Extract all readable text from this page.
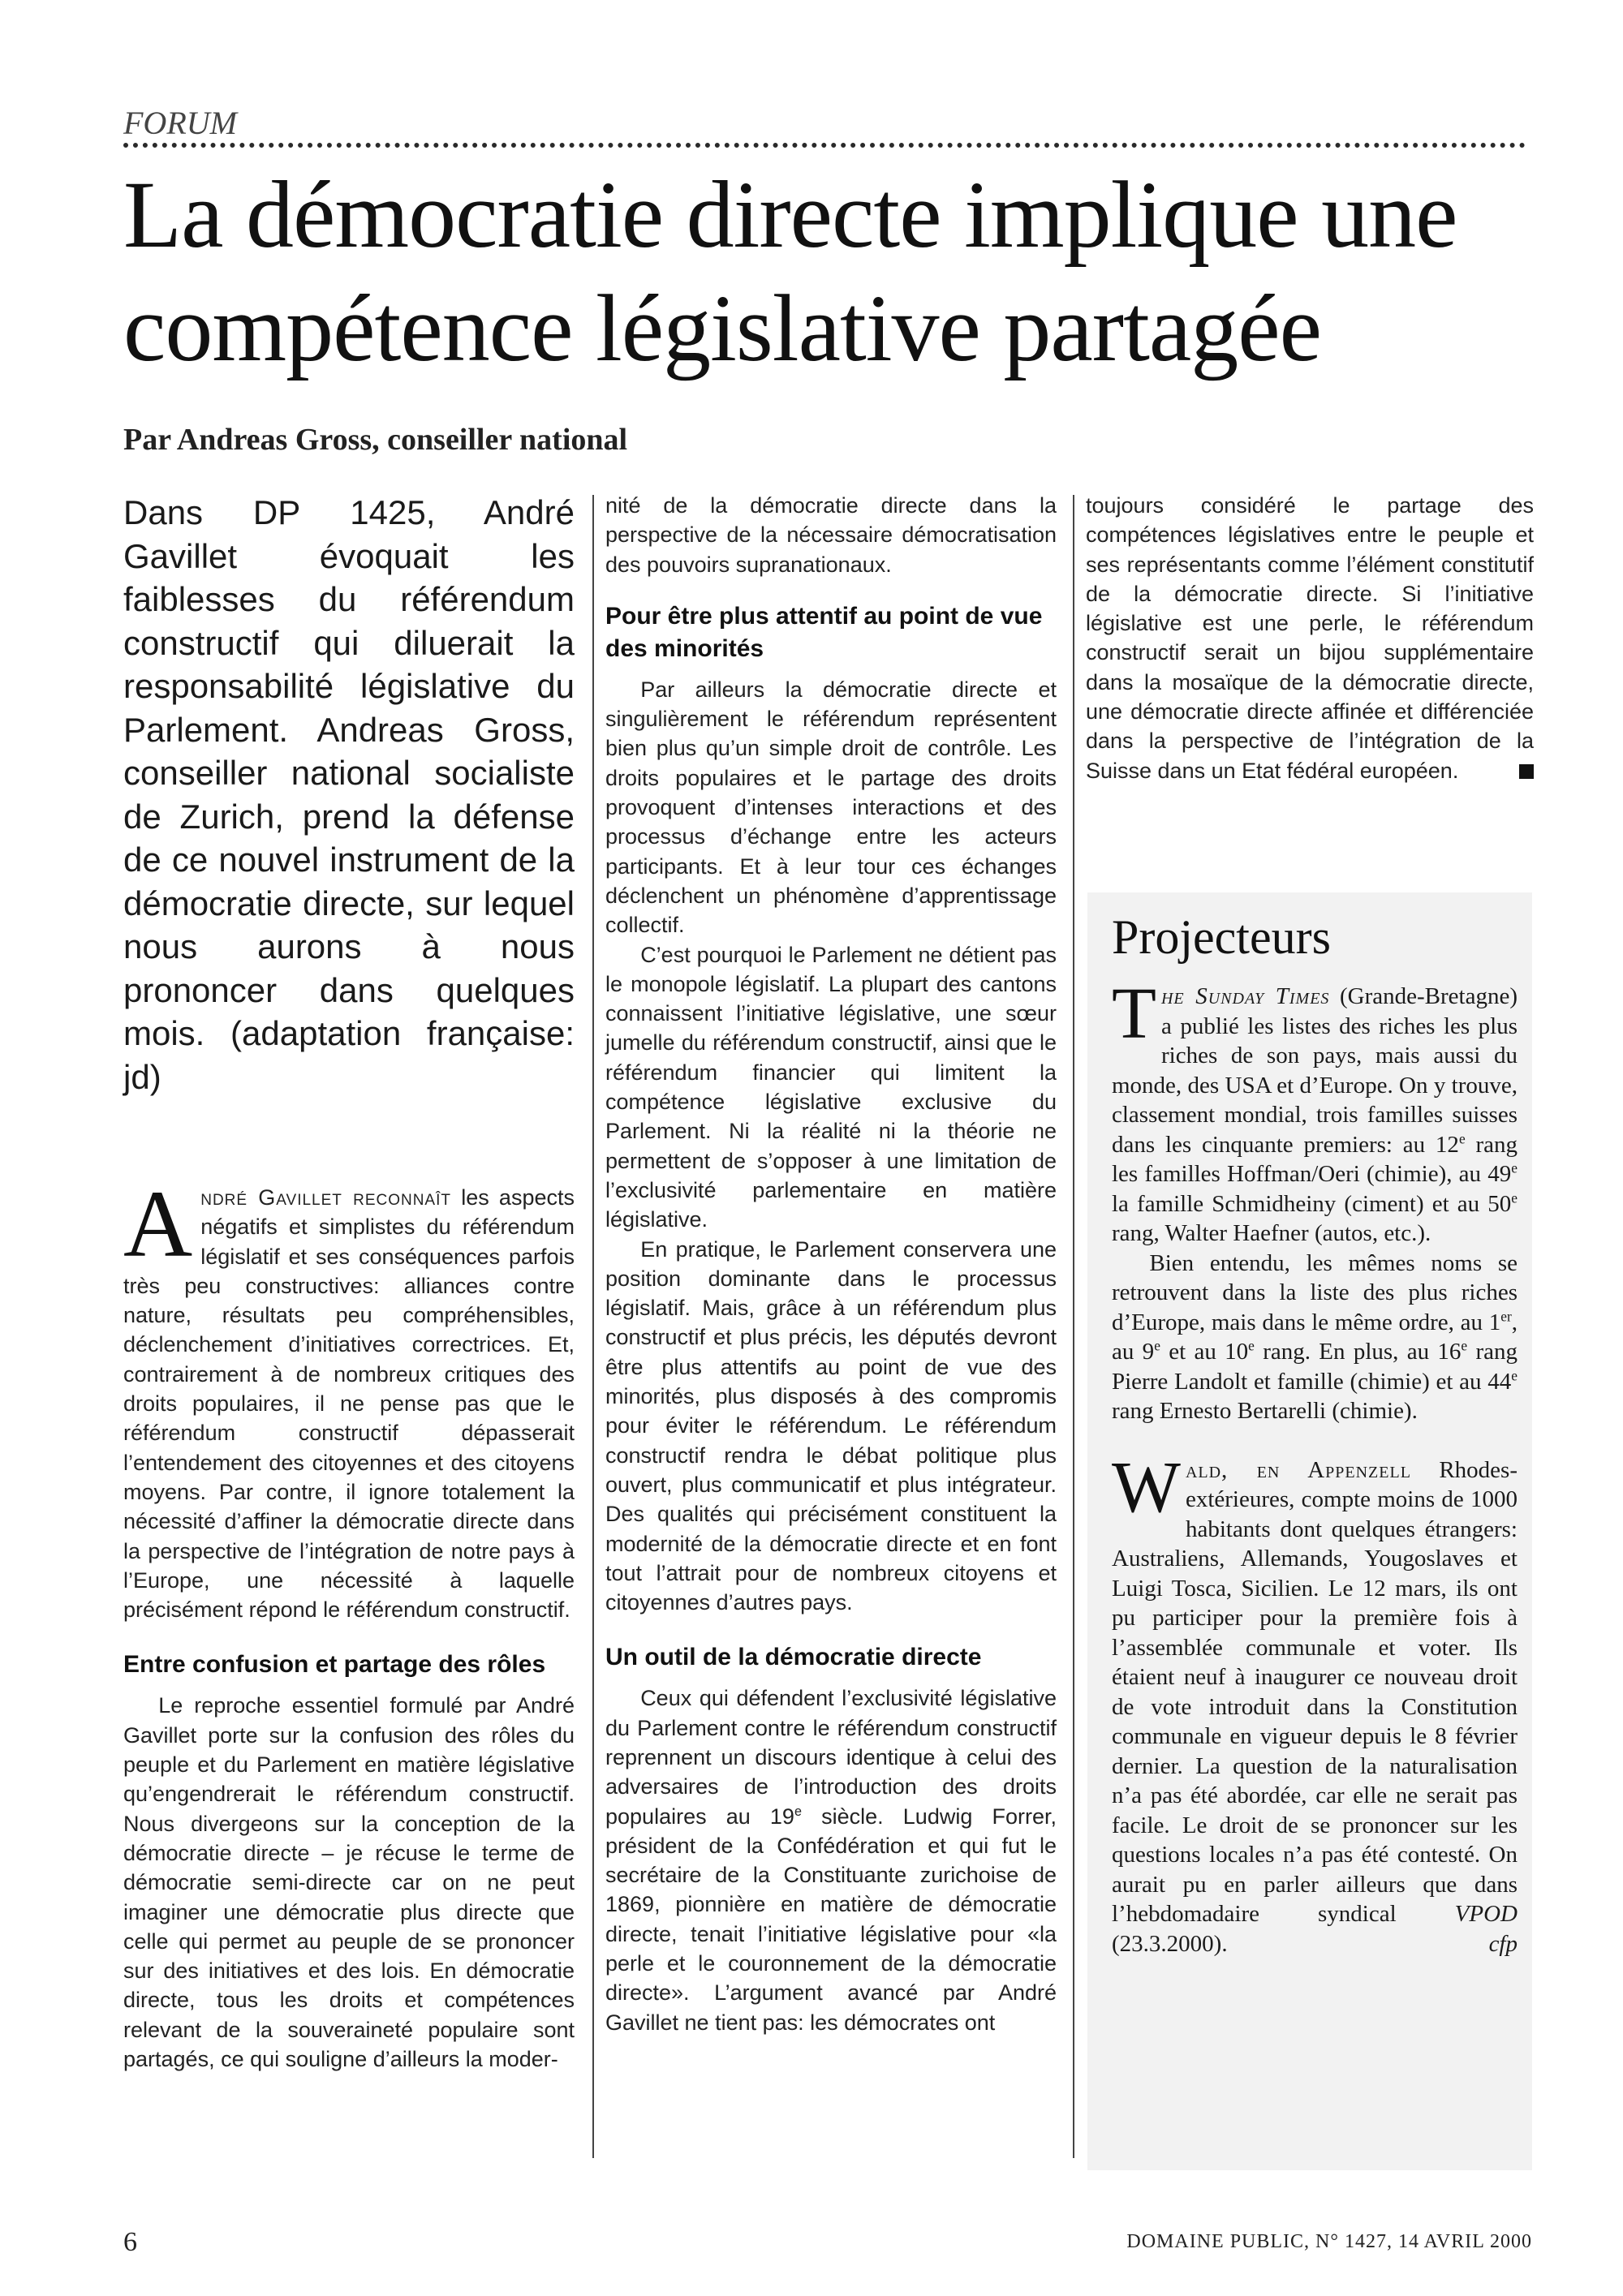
FORUM
La démocratie directe implique une compétence législative partagée
Par Andreas Gross, conseiller national

Dans DP 1425, André Gavillet évoquait les faiblesses du référendum constructif qui diluerait la responsabilité législative du Parlement. Andreas Gross, conseiller national socialiste de Zurich, prend la défense de ce nouvel instrument de la démocratie directe, sur lequel nous aurons à nous prononcer dans quelques mois. (adaptation française: jd)

André Gavillet reconnaît les aspects négatifs et simplistes du référendum législatif et ses conséquences parfois très peu constructives: alliances contre nature, résultats peu compréhensibles, déclenchement d’initiatives correctrices. Et, contrairement à de nombreux critiques des droits populaires, il ne pense pas que le référendum constructif dépasserait l’entendement des citoyennes et des citoyens moyens. Par contre, il ignore totalement la nécessité d’affiner la démocratie directe dans la perspective de l’intégration de notre pays à l’Europe, une nécessité à laquelle précisément répond le référendum constructif.

Entre confusion et partage des rôles

Le reproche essentiel formulé par André Gavillet porte sur la confusion des rôles du peuple et du Parlement en matière législative qu’engendrerait le référendum constructif. Nous divergeons sur la conception de la démocratie directe – je récuse le terme de démocratie semi-directe car on ne peut imaginer une démocratie plus directe que celle qui permet au peuple de se prononcer sur des initiatives et des lois. En démocratie directe, tous les droits et compétences relevant de la souveraineté populaire sont partagés, ce qui souligne d’ailleurs la moder-

nité de la démocratie directe dans la perspective de la nécessaire démocratisation des pouvoirs supranationaux.

Pour être plus attentif au point de vue des minorités

Par ailleurs la démocratie directe et singulièrement le référendum représentent bien plus qu’un simple droit de contrôle. Les droits populaires et le partage des droits provoquent d’intenses interactions et des processus d’échange entre les acteurs participants. Et à leur tour ces échanges déclenchent un phénomène d’apprentissage collectif.

C’est pourquoi le Parlement ne détient pas le monopole législatif. La plupart des cantons connaissent l’initiative législative, une sœur jumelle du référendum constructif, ainsi que le référendum financier qui limitent la compétence législative exclusive du Parlement. Ni la réalité ni la théorie ne permettent de s’opposer à une limitation de l’exclusivité parlementaire en matière législative.

En pratique, le Parlement conservera une position dominante dans le processus législatif. Mais, grâce à un référendum plus constructif et plus précis, les députés devront être plus attentifs au point de vue des minorités, plus disposés à des compromis pour éviter le référendum. Le référendum constructif rendra le débat politique plus ouvert, plus communicatif et plus intégrateur. Des qualités qui précisément constituent la modernité de la démocratie directe et en font tout l’attrait pour de nombreux citoyens et citoyennes d’autres pays.

Un outil de la démocratie directe

Ceux qui défendent l’exclusivité législative du Parlement contre le référendum constructif reprennent un discours identique à celui des adversaires de l’introduction des droits populaires au 19e siècle. Ludwig Forrer, président de la Confédération et qui fut le secrétaire de la Constituante zurichoise de 1869, pionnière en matière de démocratie directe, tenait l’initiative législative pour «la perle et le couronnement de la démocratie directe». L’argument avancé par André Gavillet ne tient pas: les démocrates ont

toujours considéré le partage des compétences législatives entre le peuple et ses représentants comme l’élément constitutif de la démocratie directe. Si l’initiative législative est une perle, le référendum constructif serait un bijou supplémentaire dans la mosaïque de la démocratie directe, une démocratie directe affinée et différenciée dans la perspective de l’intégration de la Suisse dans un Etat fédéral européen.

Projecteurs

The Sunday Times (Grande-Bretagne) a publié les listes des riches les plus riches de son pays, mais aussi du monde, des USA et d’Europe. On y trouve, classement mondial, trois familles suisses dans les cinquante premiers: au 12e rang les familles Hoffman/Oeri (chimie), au 49e la famille Schmidheiny (ciment) et au 50e rang, Walter Haefner (autos, etc.).

Bien entendu, les mêmes noms se retrouvent dans la liste des plus riches d’Europe, mais dans le même ordre, au 1er, au 9e et au 10e rang. En plus, au 16e rang Pierre Landolt et famille (chimie) et au 44e rang Ernesto Bertarelli (chimie).

Wald, en Appenzell Rhodes-extérieures, compte moins de 1000 habitants dont quelques étrangers: Australiens, Allemands, Yougoslaves et Luigi Tosca, Sicilien. Le 12 mars, ils ont pu participer pour la première fois à l’assemblée communale et voter. Ils étaient neuf à inaugurer ce nouveau droit de vote introduit dans la Constitution communale en vigueur depuis le 8 février dernier. La question de la naturalisation n’a pas été abordée, car elle ne serait pas facile. Le droit de se prononcer sur les questions locales n’a pas été contesté. On aurait pu en parler ailleurs que dans l’hebdomadaire syndical VPOD (23.3.2000).	cfp

6	DOMAINE PUBLIC, N° 1427, 14 AVRIL 2000
